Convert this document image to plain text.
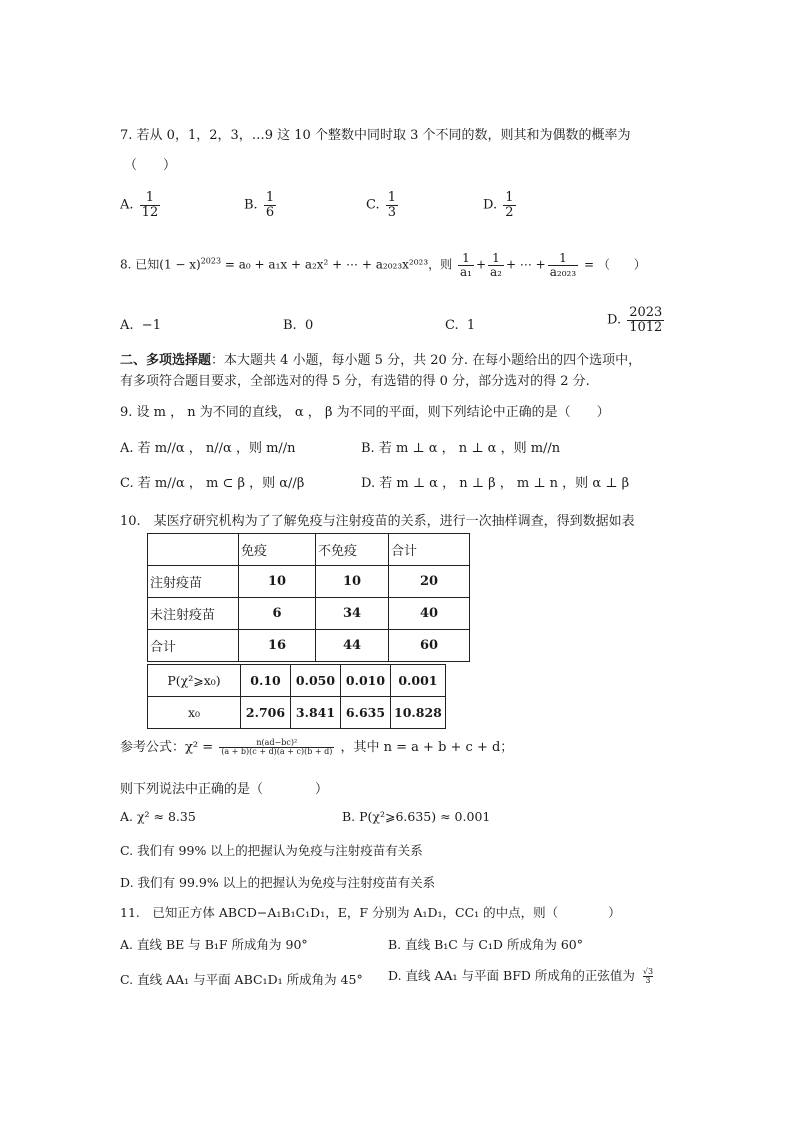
7. 若从 0，1，2，3，…9 这 10 个整数中同时取 3 个不同的数，则其和为偶数的概率为
（　　）
A. $\frac{1}{12}$	B. $\frac{1}{6}$	C. $\frac{1}{3}$	D. $\frac{1}{2}$
8. 已知$(1 - x)^{2023} = a_0 + a_1x + a_2x^2$ + ⋯ + a₂₀₂₃x²⁰²³，则 $\frac{1}{\text{a₁}} + \frac{1}{\text{a₂}}$ + ⋯ + $\frac{1}{\text{a₂₀₂₃}}$ = （　　）
A. −1	B. 0	C. 1	D. $\frac{2023}{1012}$
二、多项选择题：本大题共 4 小题，每小题 5 分，共 20 分. 在每小题给出的四个选项中，
有多项符合题目要求，全部选对的得 5 分，有选错的得 0 分，部分选对的得 2 分.
9. 设 m ， n 为不同的直线， α ， β 为不同的平面，则下列结论中正确的是（　　）
A. 若 m//α ， n//α ，则 m//n	B. 若 m ⊥ α ， n ⊥ α ，则 m//n
C. 若 m//α ， m ⊂ β ，则 α//β	D. 若 m ⊥ α ， n ⊥ β ， m ⊥ n ，则 α ⊥ β
10.　某医疗研究机构为了了解免疫与注射疫苗的关系，进行一次抽样调查，得到数据如表
	免疫	不免疫	合计
注射疫苗	10	10	20
未注射疫苗	6	34	40
合计	16	44	60
P(χ²⩾x₀)	0.10	0.050	0.010	0.001
x₀	2.706	3.841	6.635	10.828
参考公式：$\chi^2 = \frac{\text{n(ad−bc)²}}{(a + b)(c + d)(a + c)(b + d)}$ ，其中 n = a + b + c + d；
则下列说法中正确的是（　　　　）
A. χ² ≈ 8.35	B. P(χ²⩾6.635) ≈ 0.001
C. 我们有 99% 以上的把握认为免疫与注射疫苗有关系
D. 我们有 99.9% 以上的把握认为免疫与注射疫苗有关系
11.　已知正方体 ABCD−A₁B₁C₁D₁，E，F 分别为 A₁D₁，CC₁ 的中点，则（　　　　）
A. 直线 BE 与 B₁F 所成角为 90°	B. 直线 B₁C 与 C₁D 所成角为 60°
C. 直线 AA₁ 与平面 ABC₁D₁ 所成角为 45° D. 直线 AA₁ 与平面 BFD 所成角的正弦值为 $\frac{√3}{3}$
